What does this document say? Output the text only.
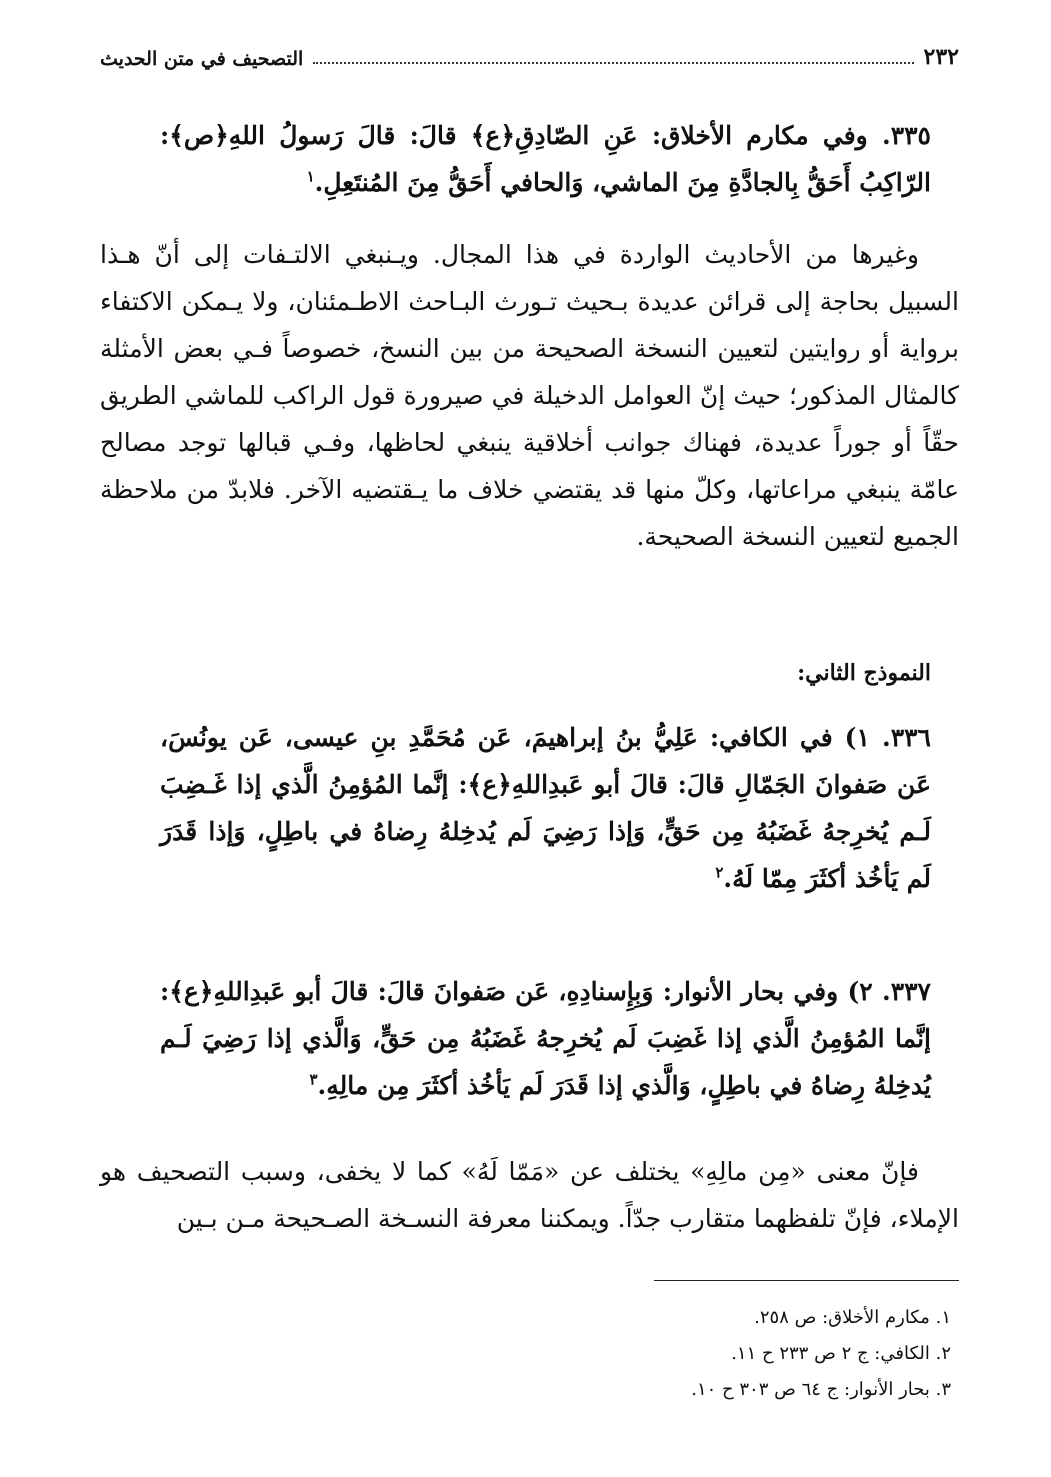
٢٣٢
التصحيف في متن الحديث
٣٣٥. وفي مكارم الأخلاق: عَنِ الصّادِقِ﴿ع﴾ قالَ: قالَ رَسولُ اللهِ﴿ص﴾: الرّاكِبُ أَحَقُّ بِالجادَّةِ مِنَ الماشي، وَالحافي أَحَقُّ مِنَ المُنتَعِلِ.$^١$
وغيرها من الأحاديث الواردة في هذا المجال. ويـنبغي الالتـفات إلى أنّ هـذا السبيل بحاجة إلى قرائن عديدة بـحيث تـورث البـاحث الاطـمئنان، ولا يـمكن الاكتفاء برواية أو روايتين لتعيين النسخة الصحيحة من بين النسخ، خصوصاً فـي بعض الأمثلة كالمثال المذكور؛ حيث إنّ العوامل الدخيلة في صيرورة قول الراكب للماشي الطريق حقّاً أو جوراً عديدة، فهناك جوانب أخلاقية ينبغي لحاظها، وفـي قبالها توجد مصالح عامّة ينبغي مراعاتها، وكلّ منها قد يقتضي خلاف ما يـقتضيه الآخر. فلابدّ من ملاحظة الجميع لتعيين النسخة الصحيحة.
النموذج الثاني:
٣٣٦. ١) في الكافي: عَلِيُّ بنُ إبراهيمَ، عَن مُحَمَّدِ بنِ عيسى، عَن يونُسَ، عَن صَفوانَ الجَمّالِ قالَ: قالَ أبو عَبدِاللهِ﴿ع﴾: إنَّما المُؤمِنُ الَّذي إذا غَـضِبَ لَـم يُخرِجهُ غَضَبُهُ مِن حَقٍّ، وَإذا رَضِيَ لَم يُدخِلهُ رِضاهُ في باطِلٍ، وَإذا قَدَرَ لَم يَأخُذ أكثَرَ مِمّا لَهُ.$^٢$
٣٣٧. ٢) وفي بحار الأنوار: وَبِإِسنادِهِ، عَن صَفوانَ قالَ: قالَ أبو عَبدِاللهِ﴿ع﴾: إنَّما المُؤمِنُ الَّذي إذا غَضِبَ لَم يُخرِجهُ غَضَبُهُ مِن حَقٍّ، وَالَّذي إذا رَضِيَ لَـم يُدخِلهُ رِضاهُ في باطِلٍ، وَالَّذي إذا قَدَرَ لَم يَأخُذ أكثَرَ مِن مالِهِ.$^٣$
فإنّ معنى «مِن مالِهِ» يختلف عن «مَمّا لَهُ» كما لا يخفى، وسبب التصحيف هو الإملاء، فإنّ تلفظهما متقارب جدّاً. ويمكننا معرفة النسـخة الصـحيحة مـن بـين
١. مكارم الأخلاق: ص ٢٥٨.
٢. الكافي: ج ٢ ص ٢٣٣ ح ١١.
٣. بحار الأنوار: ج ٦٤ ص ٣٠٣ ح ١٠.
